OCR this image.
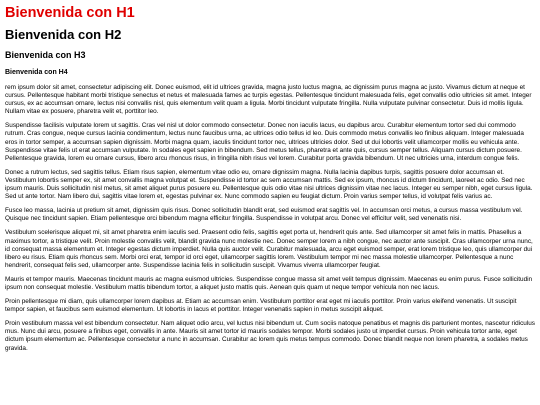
Bienvenida con H1
Bienvenida con H2
Bienvenida con H3
Bienvenida con H4

rem ipsum dolor sit amet, consectetur adipiscing elit. Donec euismod, elit id ultrices gravida, magna justo luctus magna, ac dignissim purus magna ac justo. Vivamus dictum at neque et cursus. Pellentesque habitant morbi tristique senectus et netus et malesuada fames ac turpis egestas. Pellentesque tincidunt malesuada felis, eget convallis odio ultricies sit amet. Integer cursus, ex ac accumsan ornare, lectus nisi convallis nisl, quis elementum velit quam a ligula. Morbi tincidunt vulputate fringilla. Nulla vulputate pulvinar consectetur. Duis id mollis ligula. Nullam vitae ex posuere, pharetra velit et, porttitor leo.

Suspendisse facilisis vulputate lorem ut sagittis. Cras vel nisl ut dolor commodo consectetur. Donec non iaculis lacus, eu dapibus arcu. Curabitur elementum tortor sed dui commodo rutrum. Cras congue, neque cursus lacinia condimentum, lectus nunc faucibus urna, ac ultrices odio tellus id leo. Duis commodo metus convallis leo finibus aliquam. Integer malesuada eros in tortor semper, a accumsan sapien dignissim. Morbi magna quam, iaculis tincidunt tortor nec, ultrices ultricies dolor. Sed ut dui lobortis velit ullamcorper mollis eu vehicula ante. Suspendisse vitae felis ut erat accumsan vulputate. In sodales eget sapien in bibendum. Sed metus tellus, pharetra et ante quis, cursus semper tellus. Aliquam cursus dictum posuere. Pellentesque gravida, lorem eu ornare cursus, libero arcu rhoncus risus, in fringilla nibh risus vel lorem. Curabitur porta gravida bibendum. Ut nec ultricies urna, interdum congue felis.

Donec a rutrum lectus, sed sagittis tellus. Etiam risus sapien, elementum vitae odio eu, ornare dignissim magna. Nulla lacinia dapibus turpis, sagittis posuere dolor accumsan et. Vestibulum lobortis semper ex, sit amet convallis magna volutpat et. Suspendisse id tortor ac sem accumsan mattis. Sed ex ipsum, rhoncus id dictum tincidunt, laoreet ac odio. Sed nec ipsum mauris. Duis sollicitudin nisl metus, sit amet aliquet purus posuere eu. Pellentesque quis odio vitae nisi ultrices dignissim vitae nec lacus. Integer eu semper nibh, eget cursus ligula. Sed ut ante tortor. Nam libero dui, sagittis vitae lorem et, egestas pulvinar ex. Nunc commodo sapien eu feugiat dictum. Proin varius semper tellus, id volutpat felis varius ac.

Fusce leo massa, lacinia ut pretium sit amet, dignissim quis risus. Donec sollicitudin blandit erat, sed euismod erat sagittis vel. In accumsan orci metus, a cursus massa vestibulum vel. Quisque nec tincidunt sapien. Etiam pellentesque orci bibendum magna efficitur fringilla. Suspendisse in volutpat arcu. Donec vel efficitur velit, sed venenatis nisi.

Vestibulum scelerisque aliquet mi, sit amet pharetra enim iaculis sed. Praesent odio felis, sagittis eget porta ut, hendrerit quis ante. Sed ullamcorper sit amet felis in mattis. Phasellus a maximus tortor, a tristique velit. Proin molestie convallis velit, blandit gravida nunc molestie nec. Donec semper lorem a nibh congue, nec auctor ante suscipit. Cras ullamcorper urna nunc, id consequat massa elementum et. Integer egestas dictum imperdiet. Nulla quis auctor velit. Curabitur malesuada, arcu eget euismod semper, erat lorem tristique leo, quis ullamcorper dui libero eu risus. Etiam quis rhoncus sem. Morbi orci erat, tempor id orci eget, ullamcorper sagittis lorem. Vestibulum tempor mi nec massa molestie ullamcorper. Pellentesque a nunc hendrerit, consequat felis sed, ullamcorper ante. Suspendisse lacinia felis in sollicitudin suscipit. Vivamus viverra ullamcorper feugiat.

Mauris et tempor mauris. Maecenas tincidunt mauris ac magna euismod ultricies. Suspendisse congue massa sit amet velit tempus dignissim. Maecenas eu enim purus. Fusce sollicitudin ipsum non consequat molestie. Vestibulum mattis bibendum tortor, a aliquet justo mattis quis. Aenean quis quam ut neque tempor vehicula non nec lacus.

Proin pellentesque mi diam, quis ullamcorper lorem dapibus at. Etiam ac accumsan enim. Vestibulum porttitor erat eget mi iaculis porttitor. Proin varius eleifend venenatis. Ut suscipit tempor sapien, et faucibus sem euismod elementum. Ut lobortis in lacus et porttitor. Integer venenatis sapien in metus suscipit aliquet.

Proin vestibulum massa vel est bibendum consectetur. Nam aliquet odio arcu, vel luctus nisi bibendum ut. Cum sociis natoque penatibus et magnis dis parturient montes, nascetur ridiculus mus. Nunc dui arcu, posuere a finibus eget, convallis in ante. Mauris sit amet tortor id mauris sodales tempor. Morbi sodales justo ut imperdiet cursus. Proin vehicula tortor ante, eget dictum ipsum elementum ac. Pellentesque consectetur a nunc in accumsan. Curabitur ac lorem quis metus tempus commodo. Donec blandit neque non lorem pharetra, a sodales metus gravida.
